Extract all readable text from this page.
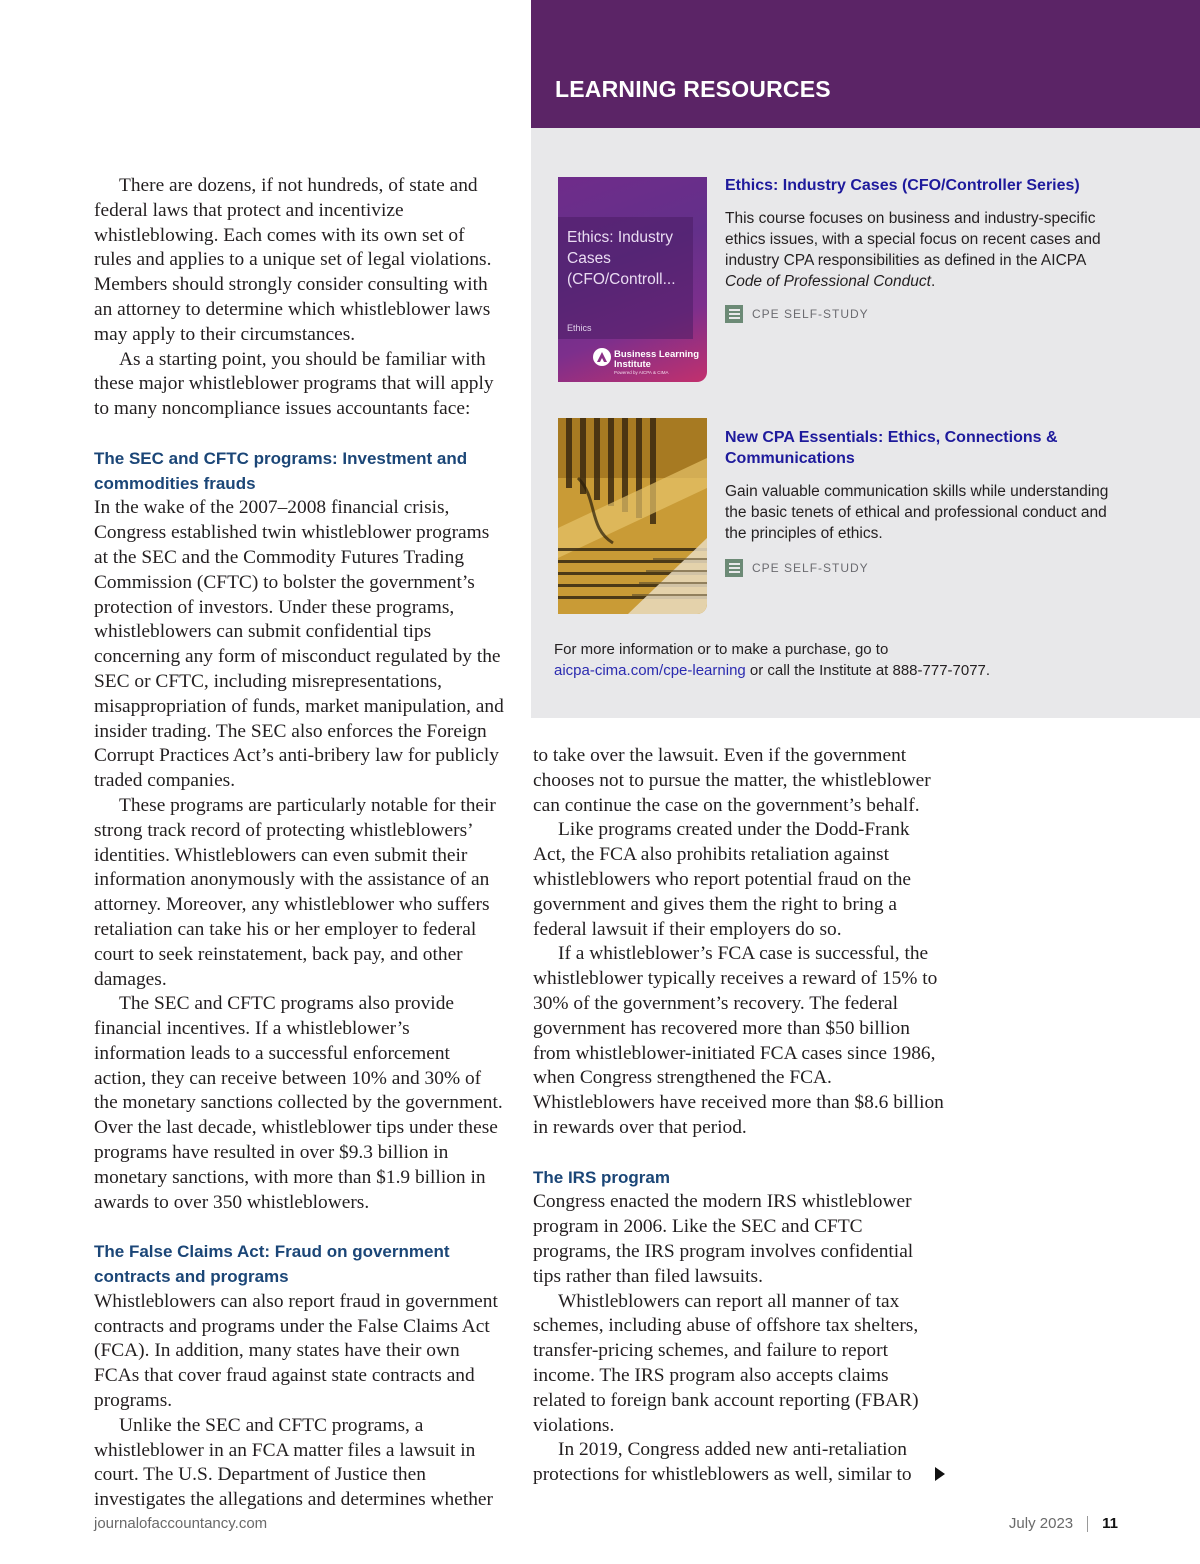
LEARNING RESOURCES
Ethics: Industry Cases (CFO/Controll...
Ethics
Business Learning Institute
Powered by AICPA & CIMA
Ethics: Industry Cases (CFO/Controller Series)

This course focuses on business and industry-specific ethics issues, with a special focus on recent cases and industry CPA responsibilities as defined in the AICPA Code of Professional Conduct.

CPE SELF-STUDY
New CPA Essentials: Ethics, Connections & Communications

Gain valuable communication skills while understanding the basic tenets of ethical and professional conduct and the principles of ethics.

CPE SELF-STUDY

For more information or to make a purchase, go to
aicpa-cima.com/cpe-learning or call the Institute at 888-777-7077.

There are dozens, if not hundreds, of state and federal laws that protect and incentivize whistleblowing. Each comes with its own set of rules and applies to a unique set of legal violations. Members should strongly consider consulting with an attorney to determine which whistleblower laws may apply to their circumstances.

As a starting point, you should be familiar with these major whistleblower programs that will apply to many noncompliance issues accountants face:

The SEC and CFTC programs: Investment and commodities frauds

In the wake of the 2007–2008 financial crisis, Congress established twin whistleblower programs at the SEC and the Commodity Futures Trading Commission (CFTC) to bolster the government’s protection of investors. Under these programs, whistleblowers can submit confidential tips concerning any form of misconduct regulated by the SEC or CFTC, including misrepresentations, misappropriation of funds, market manipulation, and insider trading. The SEC also enforces the Foreign Corrupt Practices Act’s anti-bribery law for publicly traded companies.

These programs are particularly notable for their strong track record of protecting whistleblowers’ identities. Whistleblowers can even submit their information anonymously with the assistance of an attorney. Moreover, any whistleblower who suffers retaliation can take his or her employer to federal court to seek reinstatement, back pay, and other damages.

The SEC and CFTC programs also provide financial incentives. If a whistleblower’s information leads to a successful enforcement action, they can receive between 10% and 30% of the monetary sanctions collected by the government. Over the last decade, whistleblower tips under these programs have resulted in over $9.3 billion in monetary sanctions, with more than $1.9 billion in awards to over 350 whistleblowers.

The False Claims Act: Fraud on government contracts and programs

Whistleblowers can also report fraud in government contracts and programs under the False Claims Act (FCA). In addition, many states have their own FCAs that cover fraud against state contracts and programs.

Unlike the SEC and CFTC programs, a whistleblower in an FCA matter files a lawsuit in court. The U.S. Department of Justice then investigates the allegations and determines whether

to take over the lawsuit. Even if the government chooses not to pursue the matter, the whistleblower can continue the case on the government’s behalf.

Like programs created under the Dodd-Frank Act, the FCA also prohibits retaliation against whistleblowers who report potential fraud on the government and gives them the right to bring a federal lawsuit if their employers do so.

If a whistleblower’s FCA case is successful, the whistleblower typically receives a reward of 15% to 30% of the government’s recovery. The federal government has recovered more than $50 billion from whistleblower-initiated FCA cases since 1986, when Congress strengthened the FCA. Whistleblowers have received more than $8.6 billion in rewards over that period.

The IRS program

Congress enacted the modern IRS whistleblower program in 2006. Like the SEC and CFTC programs, the IRS program involves confidential tips rather than filed lawsuits.

Whistleblowers can report all manner of tax schemes, including abuse of offshore tax shelters, transfer-pricing schemes, and failure to report income. The IRS program also accepts claims related to foreign bank account reporting (FBAR) violations.

In 2019, Congress added new anti-retaliation protections for whistleblowers as well, similar to

journalofaccountancy.com	July 2023 11
